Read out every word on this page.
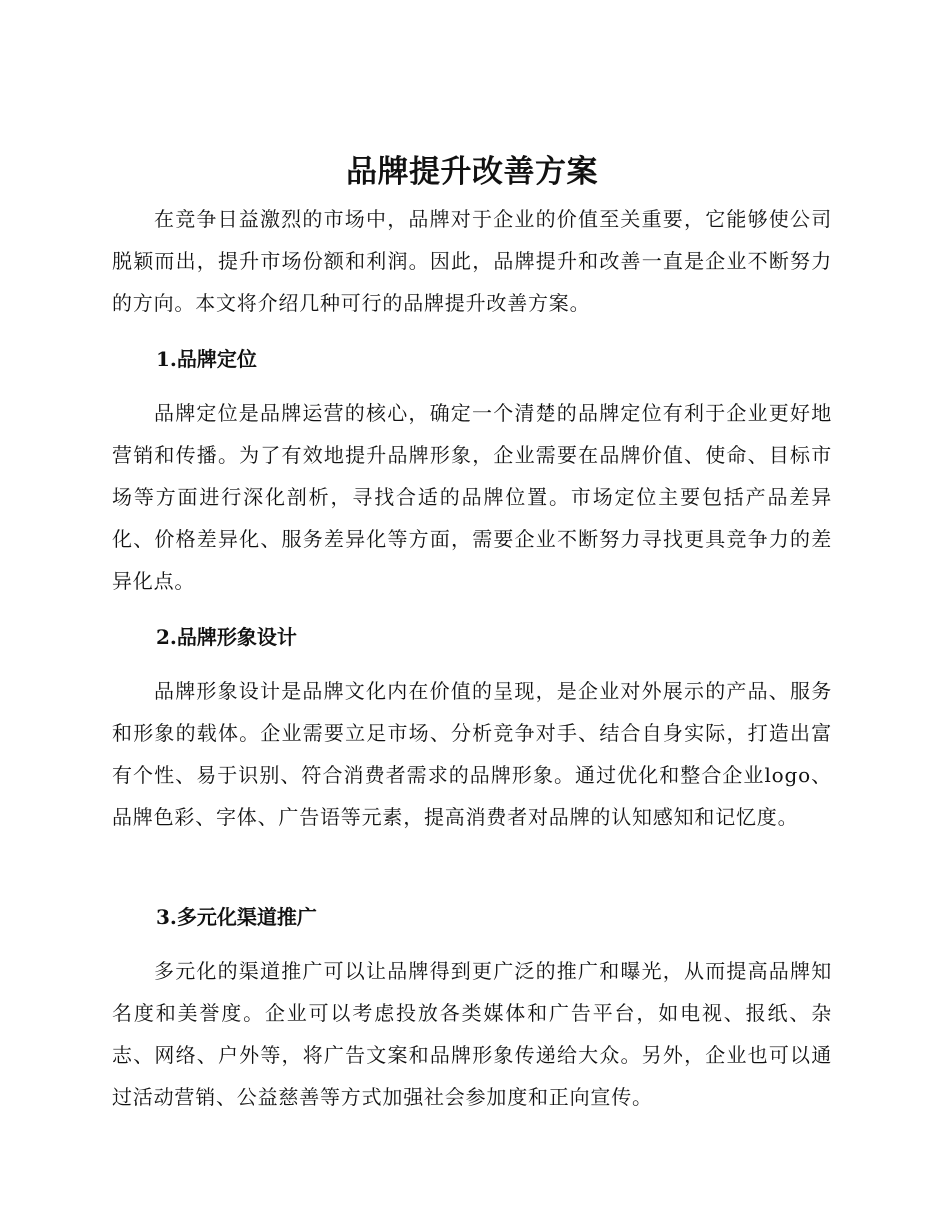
品牌提升改善方案

在竞争日益激烈的市场中，品牌对于企业的价值至关重要，它能够使公司脱颖而出，提升市场份额和利润。因此，品牌提升和改善一直是企业不断努力的方向。本文将介绍几种可行的品牌提升改善方案。

1.品牌定位

品牌定位是品牌运营的核心，确定一个清楚的品牌定位有利于企业更好地营销和传播。为了有效地提升品牌形象，企业需要在品牌价值、使命、目标市场等方面进行深化剖析，寻找合适的品牌位置。市场定位主要包括产品差异化、价格差异化、服务差异化等方面，需要企业不断努力寻找更具竞争力的差异化点。

2.品牌形象设计

品牌形象设计是品牌文化内在价值的呈现，是企业对外展示的产品、服务和形象的载体。企业需要立足市场、分析竞争对手、结合自身实际，打造出富有个性、易于识别、符合消费者需求的品牌形象。通过优化和整合企业logo、品牌色彩、字体、广告语等元素，提高消费者对品牌的认知感知和记忆度。

3.多元化渠道推广

多元化的渠道推广可以让品牌得到更广泛的推广和曝光，从而提高品牌知名度和美誉度。企业可以考虑投放各类媒体和广告平台，如电视、报纸、杂志、网络、户外等，将广告文案和品牌形象传递给大众。另外，企业也可以通过活动营销、公益慈善等方式加强社会参加度和正向宣传。
